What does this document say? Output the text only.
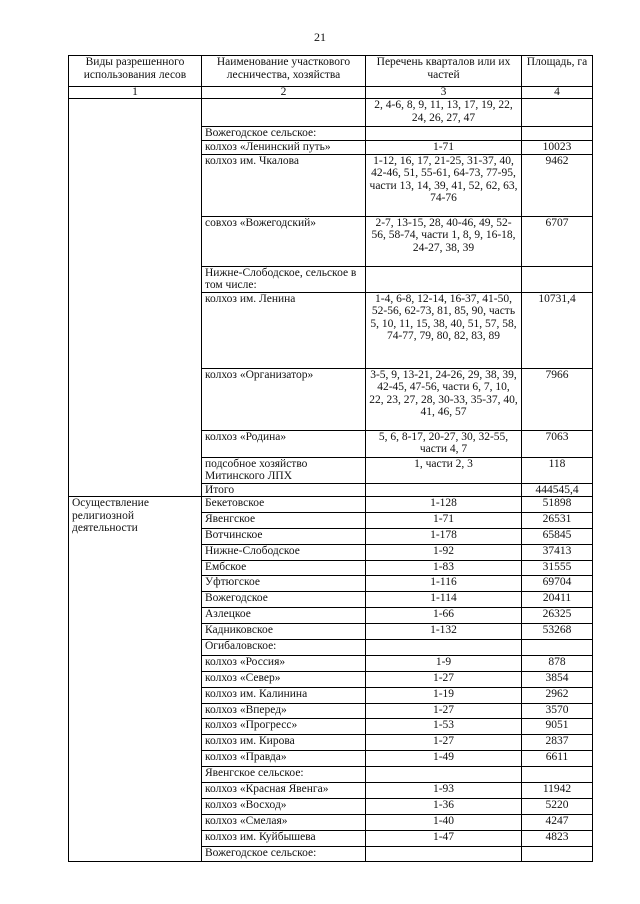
21
Виды разрешенного использования лесов	Наименование участкового лесничества, хозяйства	Перечень кварталов или их частей	Площадь, га
1	2	3	4
		2, 4-6, 8, 9, 11, 13, 17, 19, 22, 24, 26, 27, 47	
	Вожегодское сельское:		
	колхоз «Ленинский путь»	1-71	10023
	колхоз им. Чкалова	1-12, 16, 17, 21-25, 31-37, 40, 42-46, 51, 55-61, 64-73, 77-95, части 13, 14, 39, 41, 52, 62, 63, 74-76	9462
	совхоз «Вожегодский»	2-7, 13-15, 28, 40-46, 49, 52-56, 58-74, части 1, 8, 9, 16-18, 24-27, 38, 39	6707
	Нижне-Слободское, сельское в том числе:		
	колхоз им. Ленина	1-4, 6-8, 12-14, 16-37, 41-50, 52-56, 62-73, 81, 85, 90, часть 5, 10, 11, 15, 38, 40, 51, 57, 58, 74-77, 79, 80, 82, 83, 89	10731,4
	колхоз «Организатор»	3-5, 9, 13-21, 24-26, 29, 38, 39, 42-45, 47-56, части 6, 7, 10, 22, 23, 27, 28, 30-33, 35-37, 40, 41, 46, 57	7966
	колхоз «Родина»	5, 6, 8-17, 20-27, 30, 32-55, части 4, 7	7063
	подсобное хозяйство Митинского ЛПХ	1, части 2, 3	118
	Итого		444545,4
Осуществление религиозной деятельности	Бекетовское	1-128	51898
	Явенгское	1-71	26531
	Вотчинское	1-178	65845
	Нижне-Слободское	1-92	37413
	Ембское	1-83	31555
	Уфтюгское	1-116	69704
	Вожегодское	1-114	20411
	Азлецкое	1-66	26325
	Кадниковское	1-132	53268
	Огибаловское:		
	колхоз «Россия»	1-9	878
	колхоз «Север»	1-27	3854
	колхоз им. Калинина	1-19	2962
	колхоз «Вперед»	1-27	3570
	колхоз «Прогресс»	1-53	9051
	колхоз им. Кирова	1-27	2837
	колхоз «Правда»	1-49	6611
	Явенгское сельское:		
	колхоз «Красная Явенга»	1-93	11942
	колхоз «Восход»	1-36	5220
	колхоз «Смелая»	1-40	4247
	колхоз им. Куйбышева	1-47	4823
	Вожегодское сельское:		
